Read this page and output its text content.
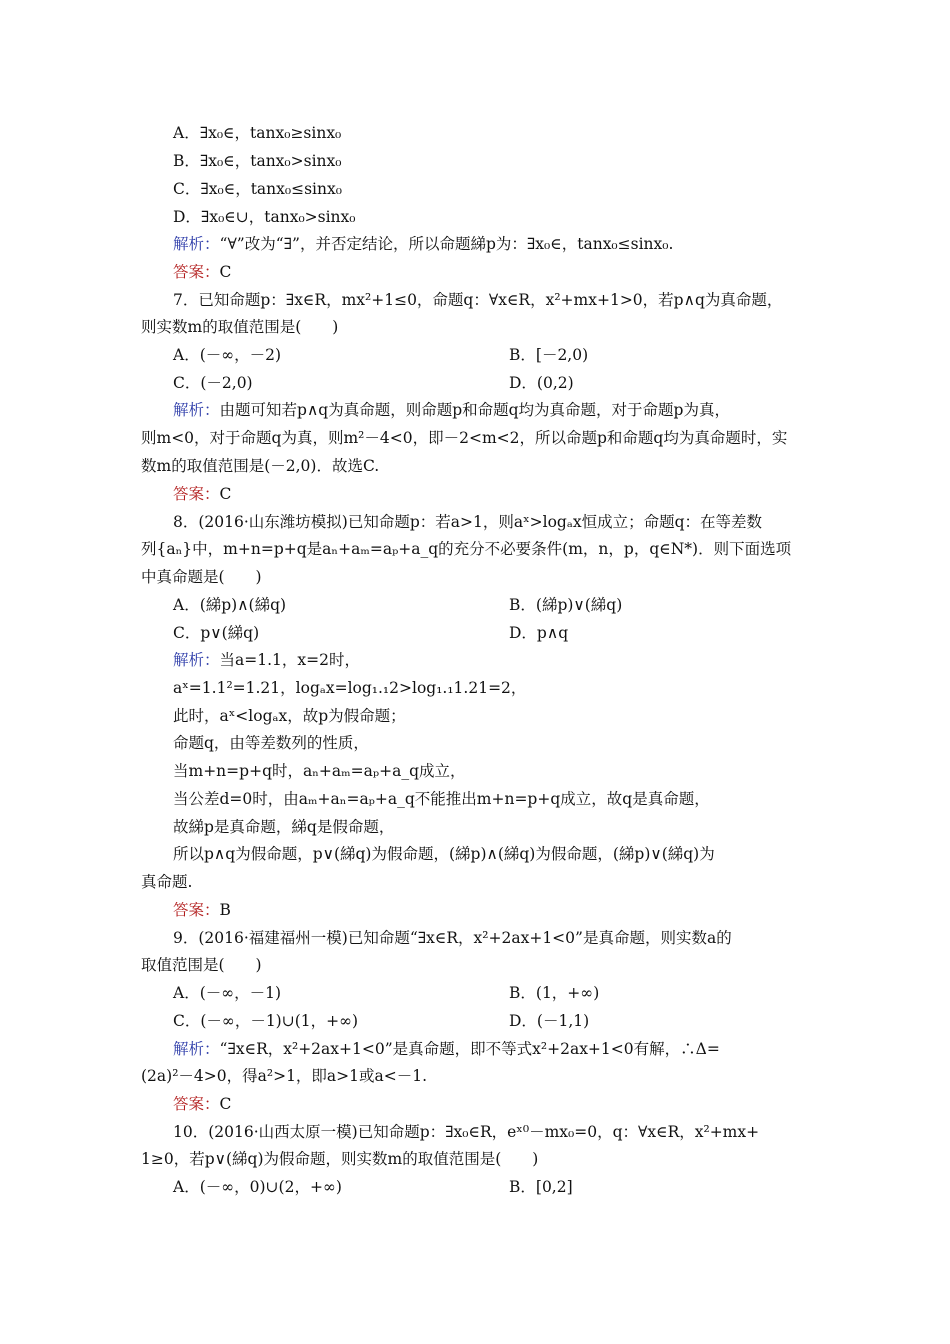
A．∃x₀∈，tanx₀≥sinx₀
B．∃x₀∈，tanx₀>sinx₀
C．∃x₀∈，tanx₀≤sinx₀
D．∃x₀∈∪，tanx₀>sinx₀
解析：“∀”改为“∃”，并否定结论，所以命题綈p为：∃x₀∈，tanx₀≤sinx₀.
答案：C
7．已知命题p：∃x∈R，mx²+1≤0，命题q：∀x∈R，x²+mx+1>0，若p∧q为真命题，
则实数m的取值范围是(　　)
A．(－∞，－2)	B．[－2,0)
C．(－2,0)	D．(0,2)
解析：由题可知若p∧q为真命题，则命题p和命题q均为真命题，对于命题p为真，
则m<0，对于命题q为真，则m²－4<0，即－2<m<2，所以命题p和命题q均为真命题时，实
数m的取值范围是(－2,0)．故选C.
答案：C
8．(2016·山东潍坊模拟)已知命题p：若a>1，则aˣ>logₐx恒成立；命题q：在等差数
列{aₙ}中，m+n=p+q是aₙ+aₘ=aₚ+a_q的充分不必要条件(m，n，p，q∈N*)．则下面选项
中真命题是(　　)
A．(綈p)∧(綈q)	B．(綈p)∨(綈q)
C．p∨(綈q)	D．p∧q
解析：当a=1.1，x=2时，
aˣ=1.1²=1.21，logₐx=log₁.₁2>log₁.₁1.21=2，
此时，aˣ<logₐx，故p为假命题；
命题q，由等差数列的性质，
当m+n=p+q时，aₙ+aₘ=aₚ+a_q成立，
当公差d=0时，由aₘ+aₙ=aₚ+a_q不能推出m+n=p+q成立，故q是真命题，
故綈p是真命题，綈q是假命题，
所以p∧q为假命题，p∨(綈q)为假命题，(綈p)∧(綈q)为假命题，(綈p)∨(綈q)为
真命题.
答案：B
9．(2016·福建福州一模)已知命题“∃x∈R，x²+2ax+1<0”是真命题，则实数a的
取值范围是(　　)
A．(－∞，－1)	B．(1，+∞)
C．(－∞，－1)∪(1，+∞)	D．(－1,1)
解析：“∃x∈R，x²+2ax+1<0”是真命题，即不等式x²+2ax+1<0有解，∴Δ=
(2a)²－4>0，得a²>1，即a>1或a<－1.
答案：C
10．(2016·山西太原一模)已知命题p：∃x₀∈R，eˣ⁰－mx₀=0，q：∀x∈R，x²+mx+
1≥0，若p∨(綈q)为假命题，则实数m的取值范围是(　　)
A．(－∞，0)∪(2，+∞)	B．[0,2]
